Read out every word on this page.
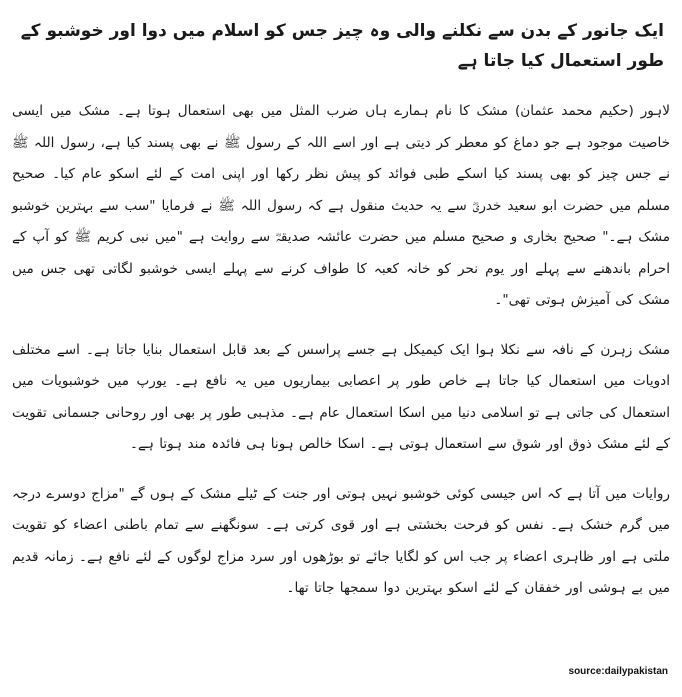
ایک جانور کے بدن سے نکلنے والی وہ چیز جس کو اسلام میں دوا اور خوشبو کے طور استعمال کیا جاتا ہے

لاہور (حکیم محمد عثمان) مشک کا نام ہمارے ہاں ضرب المثل میں بھی استعمال ہوتا ہے۔ مشک میں ایسی خاصیت موجود ہے جو دماغ کو معطر کر دیتی ہے اور اسے اللہ کے رسول ﷺ نے بھی پسند کیا ہے، رسول اللہ ﷺ نے جس چیز کو بھی پسند کیا اسکے طبی فوائد کو پیش نظر رکھا اور اپنی امت کے لئے اسکو عام کیا۔ صحیح مسلم میں حضرت ابو سعید خدریؓ سے یہ حدیث منقول ہے کہ رسول اللہ ﷺ نے فرمایا "سب سے بہترین خوشبو مشک ہے۔" صحیح بخاری و صحیح مسلم میں حضرت عائشہ صدیقہؓ سے روایت ہے "میں نبی کریم ﷺ کو آپ کے احرام باندھنے سے پہلے اور یوم نحر کو خانہ کعبہ کا طواف کرنے سے پہلے ایسی خوشبو لگاتی تھی جس میں مشک کی آمیزش ہوتی تھی"۔

مشک زہرن کے نافہ سے نکلا ہوا ایک کیمیکل ہے جسے پراسس کے بعد قابل استعمال بنایا جاتا ہے۔ اسے مختلف ادویات میں استعمال کیا جاتا ہے خاص طور پر اعصابی بیماریوں میں یہ نافع ہے۔ یورپ میں خوشبویات میں استعمال کی جاتی ہے تو اسلامی دنیا میں اسکا استعمال عام ہے۔ مذہبی طور پر بھی اور روحانی جسمانی تقویت کے لئے مشک ذوق اور شوق سے استعمال ہوتی ہے۔ اسکا خالص ہونا ہی فائدہ مند ہوتا ہے۔

روایات میں آتا ہے کہ اس جیسی کوئی خوشبو نہیں ہوتی اور جنت کے ٹیلے مشک کے ہوں گے "مزاج دوسرے درجہ میں گرم خشک ہے۔ نفس کو فرحت بخشتی ہے اور قوی کرتی ہے۔ سونگھنے سے تمام باطنی اعضاء کو تقویت ملتی ہے اور ظاہری اعضاء پر جب اس کو لگایا جائے تو بوڑھوں اور سرد مزاج لوگوں کے لئے نافع ہے۔ زمانہ قدیم میں بے ہوشی اور خفقان کے لئے اسکو بہترین دوا سمجھا جاتا تھا۔

source:dailypakistan
